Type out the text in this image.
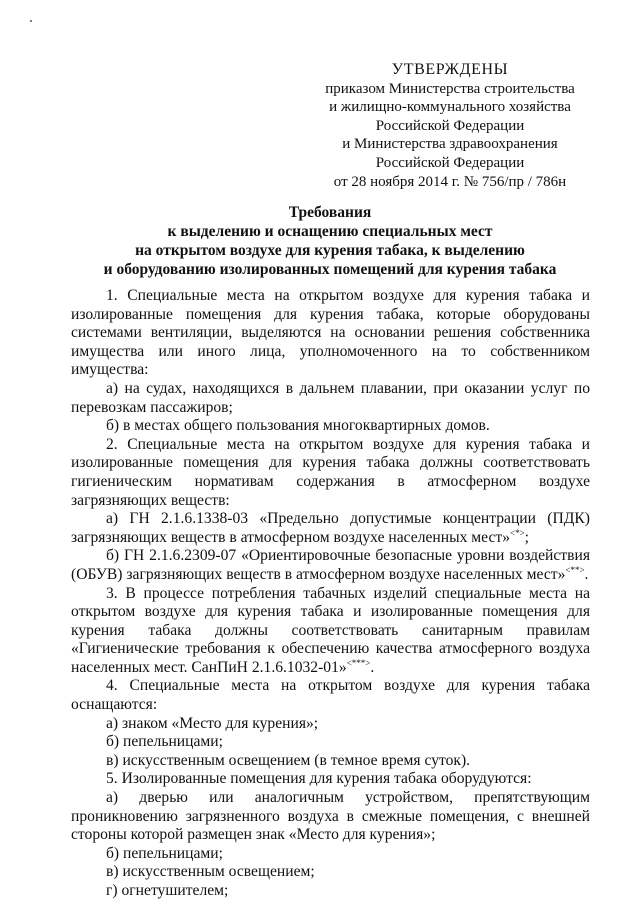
УТВЕРЖДЕНЫ
приказом Министерства строительства
и жилищно-коммунального хозяйства
Российской Федерации
и Министерства здравоохранения
Российской Федерации
от 28 ноября 2014 г. № 756/пр / 786н
Требования
к выделению и оснащению специальных мест
на открытом воздухе для курения табака, к выделению
и оборудованию изолированных помещений для курения табака

1. Специальные места на открытом воздухе для курения табака и изолированные помещения для курения табака, которые оборудованы системами вентиляции, выделяются на основании решения собственника имущества или иного лица, уполномоченного на то собственником имущества:

а) на судах, находящихся в дальнем плавании, при оказании услуг по перевозкам пассажиров;

б) в местах общего пользования многоквартирных домов.

2. Специальные места на открытом воздухе для курения табака и изолированные помещения для курения табака должны соответствовать гигиеническим нормативам содержания в атмосферном воздухе загрязняющих веществ:

а) ГН 2.1.6.1338-03 «Предельно допустимые концентрации (ПДК) загрязняющих веществ в атмосферном воздухе населенных мест»<*>;

б) ГН 2.1.6.2309-07 «Ориентировочные безопасные уровни воздействия (ОБУВ) загрязняющих веществ в атмосферном воздухе населенных мест»<**>.

3. В процессе потребления табачных изделий специальные места на открытом воздухе для курения табака и изолированные помещения для курения табака должны соответствовать санитарным правилам «Гигиенические требования к обеспечению качества атмосферного воздуха населенных мест. СанПиН 2.1.6.1032-01»<***>.

4. Специальные места на открытом воздухе для курения табака оснащаются:

а) знаком «Место для курения»;

б) пепельницами;

в) искусственным освещением (в темное время суток).

5. Изолированные помещения для курения табака оборудуются:

а) дверью или аналогичным устройством, препятствующим проникновению загрязненного воздуха в смежные помещения, с внешней стороны которой размещен знак «Место для курения»;

б) пепельницами;

в) искусственным освещением;

г) огнетушителем;
